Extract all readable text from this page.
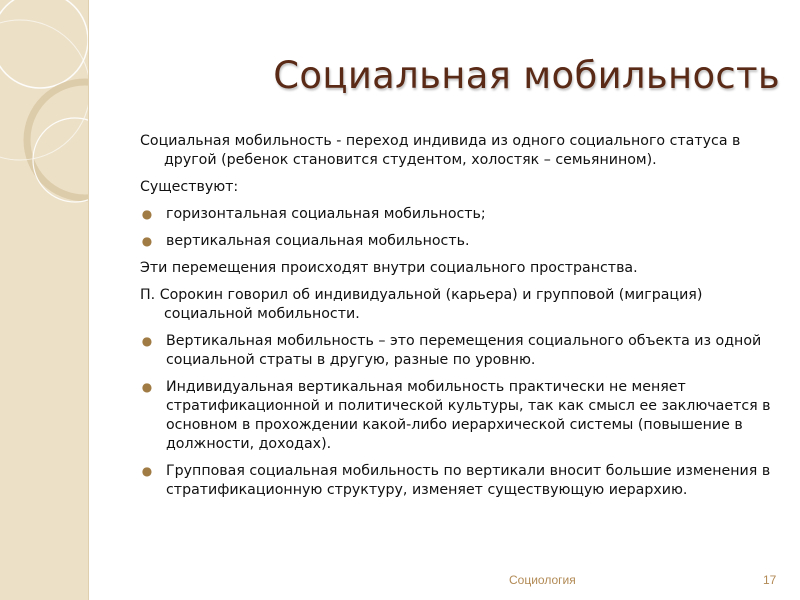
Социальная мобильность

Социальная мобильность - переход индивида из одного социального статуса в другой (ребенок становится студентом, холостяк – семьянином).

Существуют:

● горизонтальная социальная мобильность;
● вертикальная социальная мобильность.

Эти перемещения происходят внутри социального пространства.

П. Сорокин говорил об индивидуальной (карьера) и групповой (миграция) социальной мобильности.

● Вертикальная мобильность – это перемещения социального объекта из одной социальной страты в другую, разные по уровню.
● Индивидуальная вертикальная мобильность практически не меняет стратификационной и политической культуры, так как смысл ее заключается в основном в прохождении какой-либо иерархической системы (повышение в должности, доходах).
● Групповая социальная мобильность по вертикали вносит большие изменения в стратификационную структуру, изменяет существующую иерархию.
Социология	17
